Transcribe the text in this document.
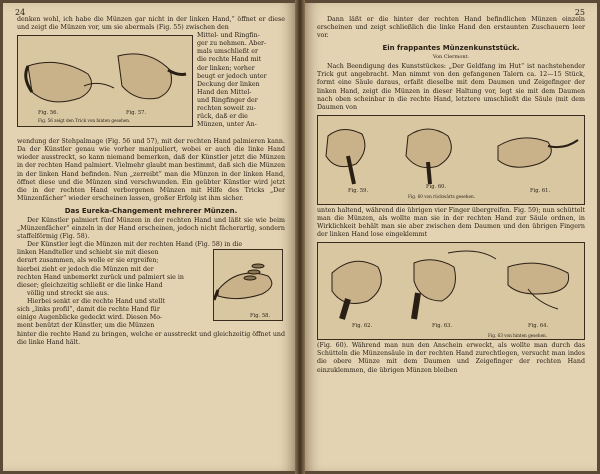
24

denken wohl, ich habe die Münzen gar nicht in der linken Hand,“ öffnet er diese und zeigt die Münzen vor, um sie abermals (Fig. 55) zwischen den

Fig. 56.	Fig. 57.
Fig. 56 zeigt den Trick von hinten gesehen.

Mittel- und Ringfin-

ger zu nehmen. Aber-

mals umschließt er

die rechte Hand mit

der linken; vorher

beugt er jedoch unter

Deckung der linken

Hand den Mittel-

und Ringfinger der

rechten soweit zu-

rück, daß er die

Münzen, unter An-

wendung der Stehpalmage (Fig. 56 und 57), mit der rechten Hand palmieren kann. Da der Künstler genau wie vorher manipuliert, wobei er auch die linke Hand wieder ausstreckt, so kann niemand bemerken, daß der Künstler jetzt die Münzen in der rechten Hand palmiert. Vielmehr glaubt man bestimmt, daß sich die Münzen in der linken Hand befinden. Nun „zerreibt“ man die Münzen in der linken Hand, öffnet diese und die Münzen sind verschwunden. Ein geübter Künstler wird jetzt die in der rechten Hand verborgenen Münzen mit Hilfe des Tricks „Der Münzenfächer“ wieder erscheinen lassen, großer Erfolg ist ihm sicher.

Das Eureka-Changement mehrerer Münzen.

Der Künstler palmiert fünf Münzen in der rechten Hand und läßt sie wie beim „Münzenfächer“ einzeln in der Hand erscheinen, jedoch nicht fächerartig, sondern staffelförmig (Fig. 58).

Der Künstler legt die Münzen mit der rechten Hand (Fig. 58) in die

linken Handteller und schiebt sie mit diesen

derart zusammen, als wolle er sie ergreifen;

hierbei zieht er jedoch die Münzen mit der

rechten Hand unbemerkt zurück und palmiert sie in

dieser; gleichzeitig schließt er die linke Hand

völlig und streckt sie aus.

Hierbei senkt er die rechte Hand und stellt

sich „links profil“, damit die rechte Hand für

einige Augenblicke gedeckt wird. Diesen Mo-

ment benützt der Künstler, um die Münzen

Fig. 58.

hinter die rechte Hand zu bringen, welche er ausstreckt und gleichzeitig öffnet und die linke Hand hält.

25

Dann läßt er die hinter der rechten Hand befindlichen Münzen einzeln erscheinen und zeigt schließlich die linke Hand den erstaunten Zuschauern leer vor.

Ein frappantes Münzenkunststück.
Von Clermont.

Nach Beendigung des Kunststückes: „Der Geldfang im Hut“ ist nachstehender Trick gut angebracht. Man nimmt von den gefangenen Talern ca. 12—15 Stück, formt eine Säule daraus, erfaßt dieselbe mit dem Daumen und Zeigefinger der linken Hand, zeigt die Münzen in dieser Haltung vor, legt sie mit dem Daumen nach oben scheinbar in die rechte Hand, letztere umschließt die Säule (mit dem Daumen von

Fig. 59.
Fig. 60.
Fig. 60 von rückwärts gesehen.
Fig. 61.

unten haltend, während die übrigen vier Finger übergreifen. Fig. 59); nun schüttelt man die Münzen, als wollte man sie in der rechten Hand zur Säule ordnen, in Wirklichkeit behält man sie aber zwischen dem Daumen und den übrigen Fingern der linken Hand lose eingeklemmt

Fig. 62.	Fig. 63.
Fig. 63 von hinten gesehen.
Fig. 64.

(Fig. 60). Während man nun den Anschein erweckt, als wollte man durch das Schütteln die Münzensäule in der rechten Hand zurechtlegen, versucht man indes die obere Münze mit dem Daumen und Zeigefinger der rechten Hand einzuklemmen, die übrigen Münzen bleiben
